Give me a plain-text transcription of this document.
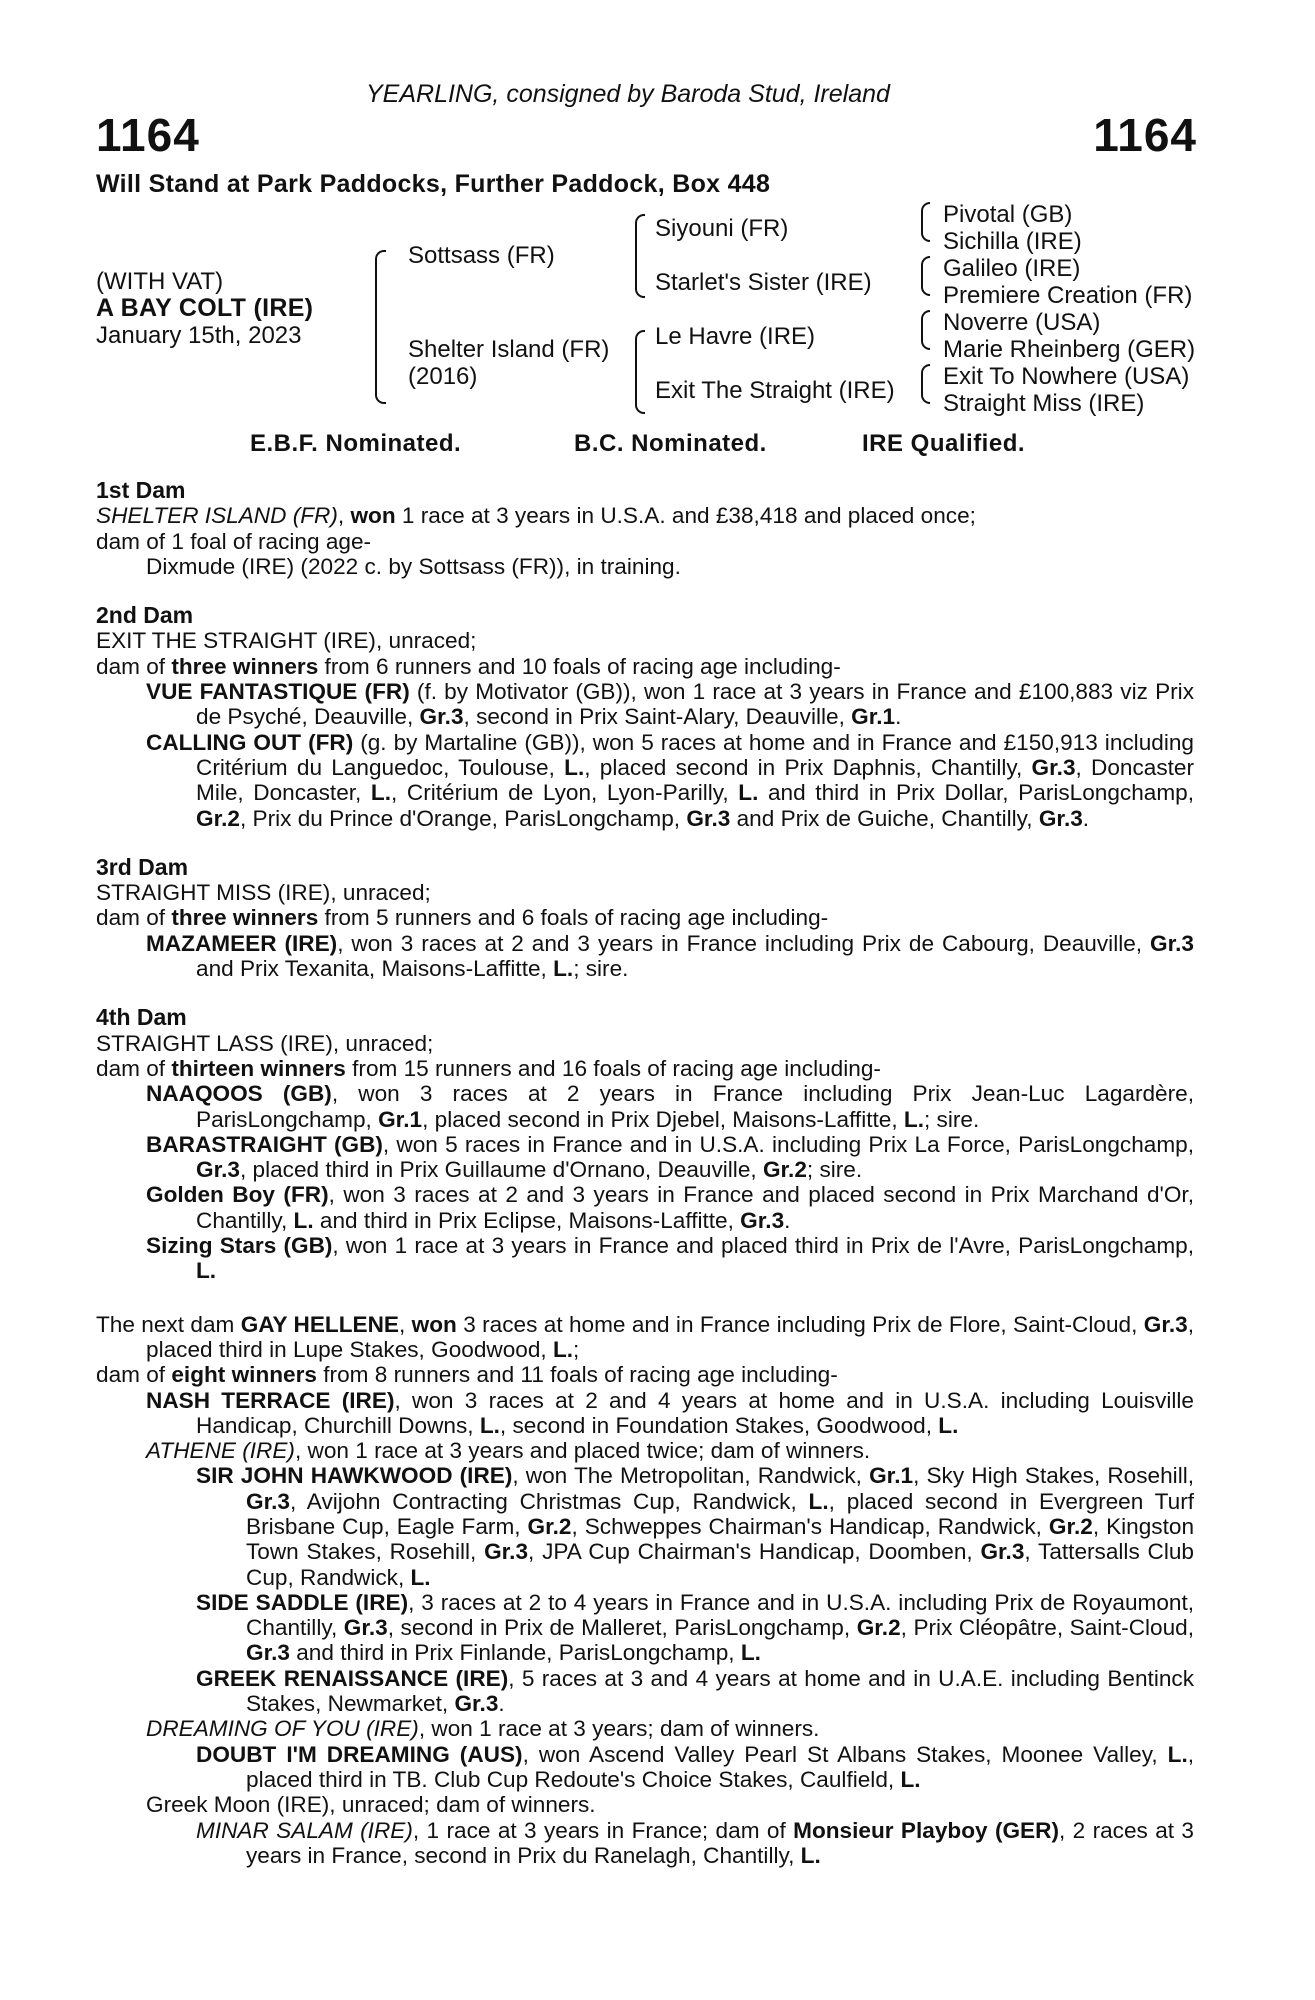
YEARLING, consigned by Baroda Stud, Ireland
1164	1164
Will Stand at Park Paddocks, Further Paddock, Box 448
(WITH VAT)
A BAY COLT (IRE)
January 15th, 2023
Sottsass (FR)
Shelter Island (FR)
(2016)
Siyouni (FR)
Starlet's Sister (IRE)
Le Havre (IRE)
Exit The Straight (IRE)
Pivotal (GB)
Sichilla (IRE)
Galileo (IRE)
Premiere Creation (FR)
Noverre (USA)
Marie Rheinberg (GER)
Exit To Nowhere (USA)
Straight Miss (IRE)
E.B.F. Nominated.	B.C. Nominated.	IRE Qualified.
1st Dam
SHELTER ISLAND (FR), won 1 race at 3 years in U.S.A. and £38,418 and placed once;
dam of 1 foal of racing age-
Dixmude (IRE) (2022 c. by Sottsass (FR)), in training.
2nd Dam
EXIT THE STRAIGHT (IRE), unraced;
dam of three winners from 6 runners and 10 foals of racing age including-
VUE FANTASTIQUE (FR) (f. by Motivator (GB)), won 1 race at 3 years in France and £100,883 viz Prix de Psyché, Deauville, Gr.3, second in Prix Saint-Alary, Deauville, Gr.1.
CALLING OUT (FR) (g. by Martaline (GB)), won 5 races at home and in France and £150,913 including Critérium du Languedoc, Toulouse, L., placed second in Prix Daphnis, Chantilly, Gr.3, Doncaster Mile, Doncaster, L., Critérium de Lyon, Lyon-Parilly, L. and third in Prix Dollar, ParisLongchamp, Gr.2, Prix du Prince d'Orange, ParisLongchamp, Gr.3 and Prix de Guiche, Chantilly, Gr.3.
3rd Dam
STRAIGHT MISS (IRE), unraced;
dam of three winners from 5 runners and 6 foals of racing age including-
MAZAMEER (IRE), won 3 races at 2 and 3 years in France including Prix de Cabourg, Deauville, Gr.3 and Prix Texanita, Maisons-Laffitte, L.; sire.
4th Dam
STRAIGHT LASS (IRE), unraced;
dam of thirteen winners from 15 runners and 16 foals of racing age including-
NAAQOOS (GB), won 3 races at 2 years in France including Prix Jean-Luc Lagardère, ParisLongchamp, Gr.1, placed second in Prix Djebel, Maisons-Laffitte, L.; sire.
BARASTRAIGHT (GB), won 5 races in France and in U.S.A. including Prix La Force, ParisLongchamp, Gr.3, placed third in Prix Guillaume d'Ornano, Deauville, Gr.2; sire.
Golden Boy (FR), won 3 races at 2 and 3 years in France and placed second in Prix Marchand d'Or, Chantilly, L. and third in Prix Eclipse, Maisons-Laffitte, Gr.3.
Sizing Stars (GB), won 1 race at 3 years in France and placed third in Prix de l'Avre, ParisLongchamp, L.
The next dam GAY HELLENE, won 3 races at home and in France including Prix de Flore, Saint-Cloud, Gr.3, placed third in Lupe Stakes, Goodwood, L.;
dam of eight winners from 8 runners and 11 foals of racing age including-
NASH TERRACE (IRE), won 3 races at 2 and 4 years at home and in U.S.A. including Louisville Handicap, Churchill Downs, L., second in Foundation Stakes, Goodwood, L.
ATHENE (IRE), won 1 race at 3 years and placed twice; dam of winners.
SIR JOHN HAWKWOOD (IRE), won The Metropolitan, Randwick, Gr.1, Sky High Stakes, Rosehill, Gr.3, Avijohn Contracting Christmas Cup, Randwick, L., placed second in Evergreen Turf Brisbane Cup, Eagle Farm, Gr.2, Schweppes Chairman's Handicap, Randwick, Gr.2, Kingston Town Stakes, Rosehill, Gr.3, JPA Cup Chairman's Handicap, Doomben, Gr.3, Tattersalls Club Cup, Randwick, L.
SIDE SADDLE (IRE), 3 races at 2 to 4 years in France and in U.S.A. including Prix de Royaumont, Chantilly, Gr.3, second in Prix de Malleret, ParisLongchamp, Gr.2, Prix Cléopâtre, Saint-Cloud, Gr.3 and third in Prix Finlande, ParisLongchamp, L.
GREEK RENAISSANCE (IRE), 5 races at 3 and 4 years at home and in U.A.E. including Bentinck Stakes, Newmarket, Gr.3.
DREAMING OF YOU (IRE), won 1 race at 3 years; dam of winners.
DOUBT I'M DREAMING (AUS), won Ascend Valley Pearl St Albans Stakes, Moonee Valley, L., placed third in TB. Club Cup Redoute's Choice Stakes, Caulfield, L.
Greek Moon (IRE), unraced; dam of winners.
MINAR SALAM (IRE), 1 race at 3 years in France; dam of Monsieur Playboy (GER), 2 races at 3 years in France, second in Prix du Ranelagh, Chantilly, L.
